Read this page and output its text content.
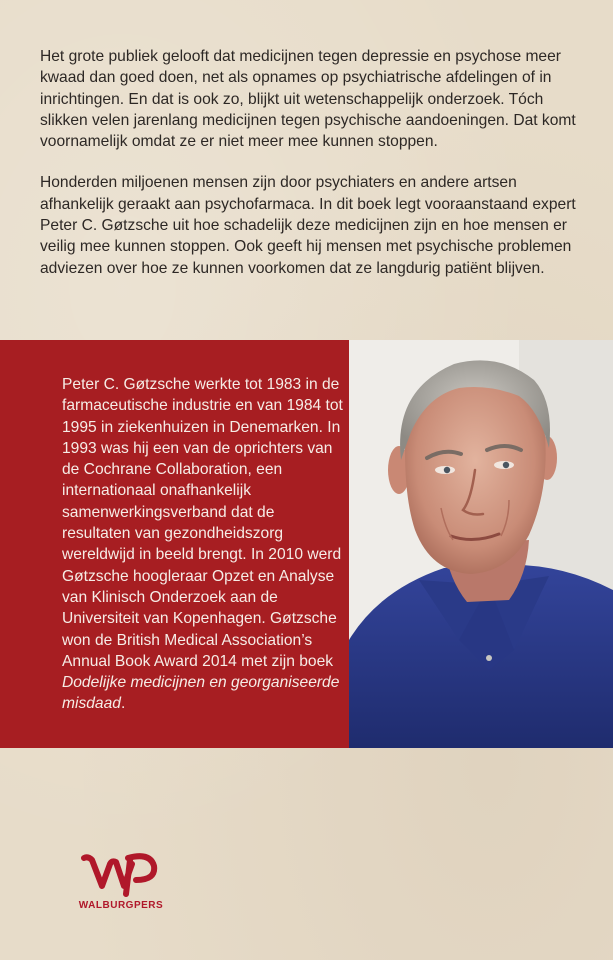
Het grote publiek gelooft dat medicijnen tegen depressie en psychose meer kwaad dan goed doen, net als opnames op psychiatrische afdelingen of in inrichtingen. En dat is ook zo, blijkt uit wetenschappelijk onderzoek. Tóch slikken velen jarenlang medicijnen tegen psychische aandoeningen. Dat komt voornamelijk omdat ze er niet meer mee kunnen stoppen.

Honderden miljoenen mensen zijn door psychiaters en andere artsen afhankelijk geraakt aan psychofarmaca. In dit boek legt vooraanstaand expert Peter C. Gøtzsche uit hoe schadelijk deze medicijnen zijn en hoe mensen er veilig mee kunnen stoppen. Ook geeft hij mensen met psychische problemen adviezen over hoe ze kunnen voorkomen dat ze langdurig patiënt blijven.

Peter C. Gøtzsche werkte tot 1983 in de farmaceutische industrie en van 1984 tot 1995 in ziekenhuizen in Denemarken. In 1993 was hij een van de oprichters van de Cochrane Collaboration, een internationaal onafhankelijk samenwerkingsverband dat de resultaten van gezondheidszorg wereldwijd in beeld brengt. In 2010 werd Gøtzsche hoogleraar Opzet en Analyse van Klinisch Onderzoek aan de Universiteit van Kopenhagen. Gøtzsche won de British Medical Association’s Annual Book Award 2014 met zijn boek Dodelijke medicijnen en georganiseerde misdaad.

WALBURGPERS
